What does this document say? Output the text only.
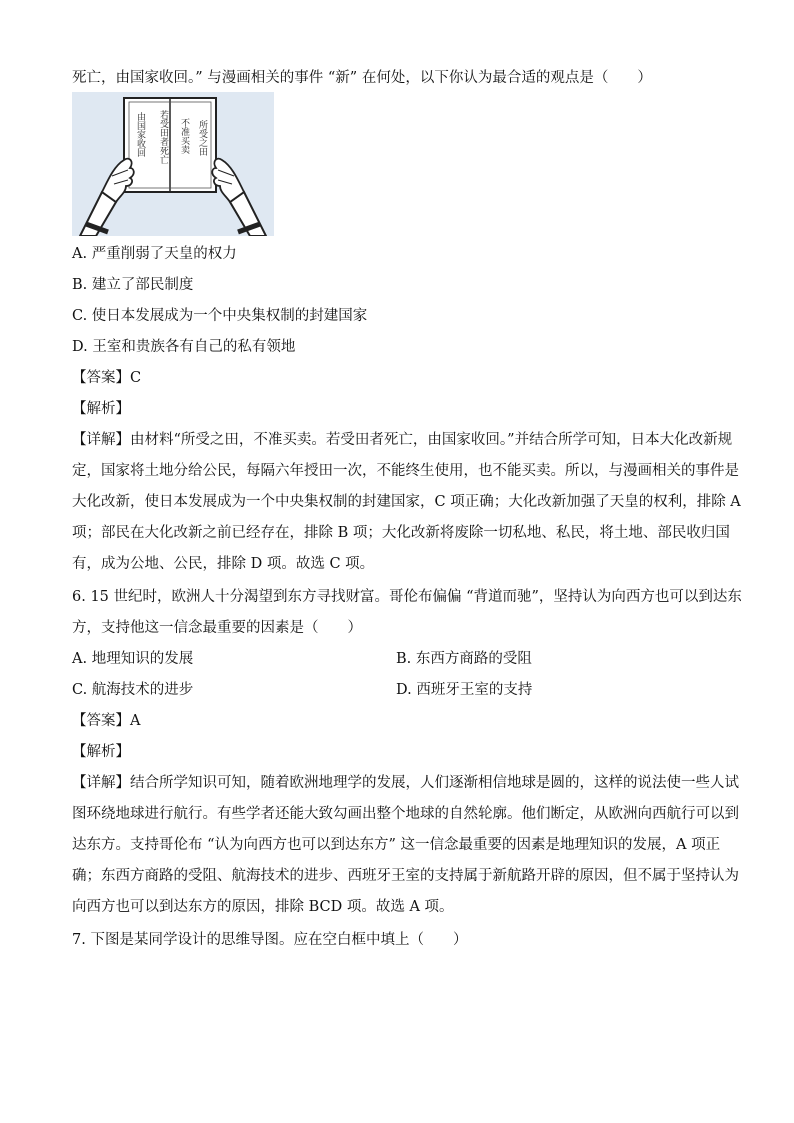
死亡，由国家收回。” 与漫画相关的事件 “新” 在何处，以下你认为最合适的观点是（　　）
所受之田
不准买卖
若受田者死亡
由国家收回
A. 严重削弱了天皇的权力
B. 建立了部民制度
C. 使日本发展成为一个中央集权制的封建国家
D. 王室和贵族各有自己的私有领地
【答案】C
【解析】
【详解】由材料“所受之田，不准买卖。若受田者死亡，由国家收回。”并结合所学可知，日本大化改新规
定，国家将土地分给公民，每隔六年授田一次，不能终生使用，也不能买卖。所以，与漫画相关的事件是
大化改新，使日本发展成为一个中央集权制的封建国家，C 项正确；大化改新加强了天皇的权利，排除 A
项；部民在大化改新之前已经存在，排除 B 项；大化改新将废除一切私地、私民，将土地、部民收归国
有，成为公地、公民，排除 D 项。故选 C 项。
6. 15 世纪时，欧洲人十分渴望到东方寻找财富。哥伦布偏偏 “背道而驰”，坚持认为向西方也可以到达东
方，支持他这一信念最重要的因素是（　　）
A. 地理知识的发展	B. 东西方商路的受阻
C. 航海技术的进步	D. 西班牙王室的支持
【答案】A
【解析】
【详解】结合所学知识可知，随着欧洲地理学的发展，人们逐渐相信地球是圆的，这样的说法使一些人试
图环绕地球进行航行。有些学者还能大致勾画出整个地球的自然轮廓。他们断定，从欧洲向西航行可以到
达东方。支持哥伦布 “认为向西方也可以到达东方” 这一信念最重要的因素是地理知识的发展，A 项正
确；东西方商路的受阻、航海技术的进步、西班牙王室的支持属于新航路开辟的原因，但不属于坚持认为
向西方也可以到达东方的原因，排除 BCD 项。故选 A 项。
7. 下图是某同学设计的思维导图。应在空白框中填上（　　）
